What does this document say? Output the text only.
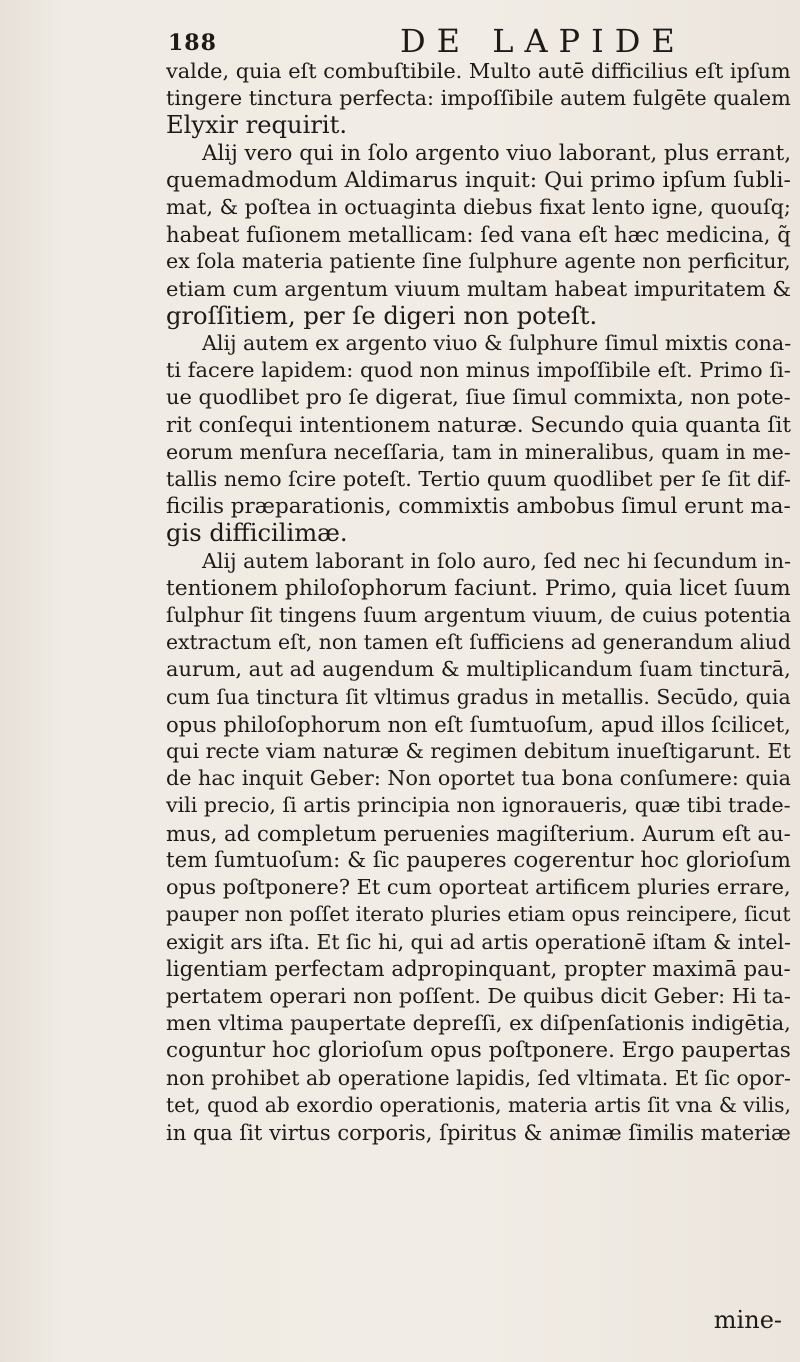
188	DE LAPIDE
valde, quia eſt combuſtibile. Multo autē difficilius eſt ipſum
tingere tinctura perfecta: impoſſibile autem fulgēte qualem
Elyxir requirit.
Alij vero qui in ſolo argento viuo laborant, plus errant,
quemadmodum Aldimarus inquit: Qui primo ipſum ſubli-
mat, & poſtea in octuaginta diebus fixat lento igne, quouſq;
habeat fuſionem metallicam: ſed vana eſt hæc medicina, q̃
ex ſola materia patiente ſine ſulphure agente non perficitur,
etiam cum argentum viuum multam habeat impuritatem &
groſſitiem, per ſe digeri non poteſt.
Alij autem ex argento viuo & ſulphure ſimul mixtis cona-
ti facere lapidem: quod non minus impoſſibile eſt. Primo ſi-
ue quodlibet pro ſe digerat, ſiue ſimul commixta, non pote-
rit conſequi intentionem naturæ. Secundo quia quanta ſit
eorum menſura neceſſaria, tam in mineralibus, quam in me-
tallis nemo ſcire poteſt. Tertio quum quodlibet per ſe ſit dif-
ficilis præparationis, commixtis ambobus ſimul erunt ma-
gis difficilimæ.
Alij autem laborant in ſolo auro, ſed nec hi ſecundum in-
tentionem philoſophorum faciunt. Primo, quia licet ſuum
ſulphur ſit tingens ſuum argentum viuum, de cuius potentia
extractum eſt, non tamen eſt ſufficiens ad generandum aliud
aurum, aut ad augendum & multiplicandum ſuam tincturā,
cum ſua tinctura ſit vltimus gradus in metallis. Secūdo, quia
opus philoſophorum non eſt ſumtuoſum, apud illos ſcilicet,
qui recte viam naturæ & regimen debitum inueſtigarunt. Et
de hac inquit Geber: Non oportet tua bona conſumere: quia
vili precio, ſi artis principia non ignoraueris, quæ tibi trade-
mus, ad completum peruenies magiſterium. Aurum eſt au-
tem ſumtuoſum: & ſic pauperes cogerentur hoc glorioſum
opus poſtponere? Et cum oporteat artificem pluries errare,
pauper non poſſet iterato pluries etiam opus reincipere, ſicut
exigit ars iſta. Et ſic hi, qui ad artis operationē iſtam & intel-
ligentiam perfectam adpropinquant, propter maximā pau-
pertatem operari non poſſent. De quibus dicit Geber: Hi ta-
men vltima paupertate depreſſi, ex diſpenſationis indigētia,
coguntur hoc glorioſum opus poſtponere. Ergo paupertas
non prohibet ab operatione lapidis, ſed vltimata. Et ſic opor-
tet, quod ab exordio operationis, materia artis ſit vna & vilis,
in qua ſit virtus corporis, ſpiritus & animæ ſimilis materiæ
mine-
